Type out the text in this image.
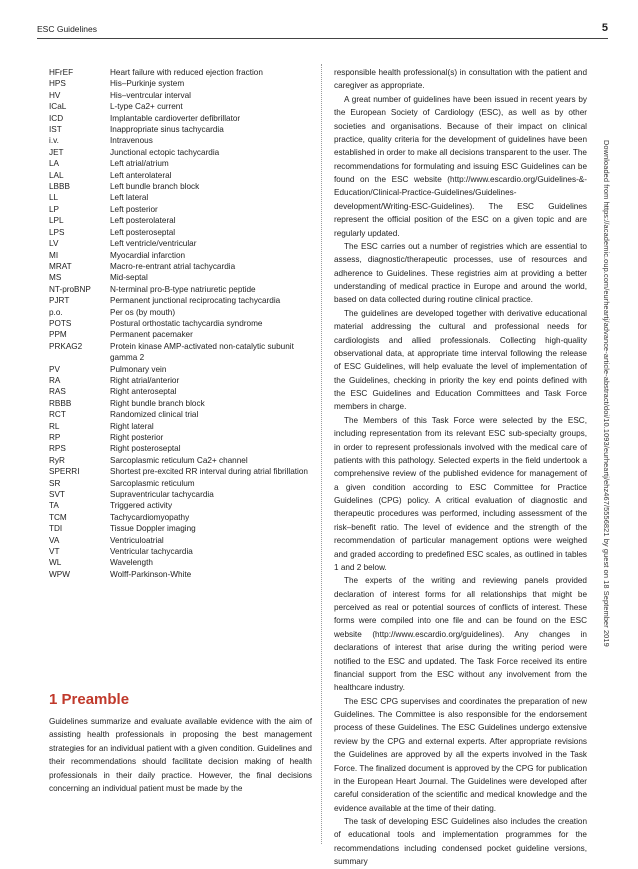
ESC Guidelines	5
HFrEF	Heart failure with reduced ejection fraction
HPS	His–Purkinje system
HV	His–ventrcular interval
ICaL	L-type Ca2+ current
ICD	Implantable cardioverter defibrillator
IST	Inappropriate sinus tachycardia
i.v.	Intravenous
JET	Junctional ectopic tachycardia
LA	Left atrial/atrium
LAL	Left anterolateral
LBBB	Left bundle branch block
LL	Left lateral
LP	Left posterior
LPL	Left posterolateral
LPS	Left posteroseptal
LV	Left ventricle/ventricular
MI	Myocardial infarction
MRAT	Macro-re-entrant atrial tachycardia
MS	Mid-septal
NT-proBNP	N-terminal pro-B-type natriuretic peptide
PJRT	Permanent junctional reciprocating tachycardia
p.o.	Per os (by mouth)
POTS	Postural orthostatic tachycardia syndrome
PPM	Permanent pacemaker
PRKAG2	Protein kinase AMP-activated non-catalytic subunit gamma 2
PV	Pulmonary vein
RA	Right atrial/anterior
RAS	Right anteroseptal
RBBB	Right bundle branch block
RCT	Randomized clinical trial
RL	Right lateral
RP	Right posterior
RPS	Right posteroseptal
RyR	Sarcoplasmic reticulum Ca2+ channel
SPERRI	Shortest pre-excited RR interval during atrial fibrillation
SR	Sarcoplasmic reticulum
SVT	Supraventricular tachycardia
TA	Triggered activity
TCM	Tachycardiomyopathy
TDI	Tissue Doppler imaging
VA	Ventriculoatrial
VT	Ventricular tachycardia
WL	Wavelength
WPW	Wolff-Parkinson-White
1 Preamble
Guidelines summarize and evaluate available evidence with the aim of assisting health professionals in proposing the best management strategies for an individual patient with a given condition. Guidelines and their recommendations should facilitate decision making of health professionals in their daily practice. However, the final decisions concerning an individual patient must be made by the

responsible health professional(s) in consultation with the patient and caregiver as appropriate.

A great number of guidelines have been issued in recent years by the European Society of Cardiology (ESC), as well as by other societies and organisations. Because of their impact on clinical practice, quality criteria for the development of guidelines have been established in order to make all decisions transparent to the user. The recommendations for formulating and issuing ESC Guidelines can be found on the ESC website (http://www.escardio.org/Guidelines-&-Education/Clinical-Practice-Guidelines/Guidelines-development/Writing-ESC-Guidelines). The ESC Guidelines represent the official position of the ESC on a given topic and are regularly updated.

The ESC carries out a number of registries which are essential to assess, diagnostic/therapeutic processes, use of resources and adherence to Guidelines. These registries aim at providing a better understanding of medical practice in Europe and around the world, based on data collected during routine clinical practice.

The guidelines are developed together with derivative educational material addressing the cultural and professional needs for cardiologists and allied professionals. Collecting high-quality observational data, at appropriate time interval following the release of ESC Guidelines, will help evaluate the level of implementation of the Guidelines, checking in priority the key end points defined with the ESC Guidelines and Education Committees and Task Force members in charge.

The Members of this Task Force were selected by the ESC, including representation from its relevant ESC sub-specialty groups, in order to represent professionals involved with the medical care of patients with this pathology. Selected experts in the field undertook a comprehensive review of the published evidence for management of a given condition according to ESC Committee for Practice Guidelines (CPG) policy. A critical evaluation of diagnostic and therapeutic procedures was performed, including assessment of the risk–benefit ratio. The level of evidence and the strength of the recommendation of particular management options were weighed and graded according to predefined ESC scales, as outlined in tables 1 and 2 below.

The experts of the writing and reviewing panels provided declaration of interest forms for all relationships that might be perceived as real or potential sources of conflicts of interest. These forms were compiled into one file and can be found on the ESC website (http://www.escardio.org/guidelines). Any changes in declarations of interest that arise during the writing period were notified to the ESC and updated. The Task Force received its entire financial support from the ESC without any involvement from the healthcare industry.

The ESC CPG supervises and coordinates the preparation of new Guidelines. The Committee is also responsible for the endorsement process of these Guidelines. The ESC Guidelines undergo extensive review by the CPG and external experts. After appropriate revisions the Guidelines are approved by all the experts involved in the Task Force. The finalized document is approved by the CPG for publication in the European Heart Journal. The Guidelines were developed after careful consideration of the scientific and medical knowledge and the evidence available at the time of their dating.

The task of developing ESC Guidelines also includes the creation of educational tools and implementation programmes for the recommendations including condensed pocket guideline versions, summary

Downloaded from https://academic.oup.com/eurheartj/advance-article-abstract/doi/10.1093/eurheartj/ehz467/5556821 by guest on 18 September 2019
